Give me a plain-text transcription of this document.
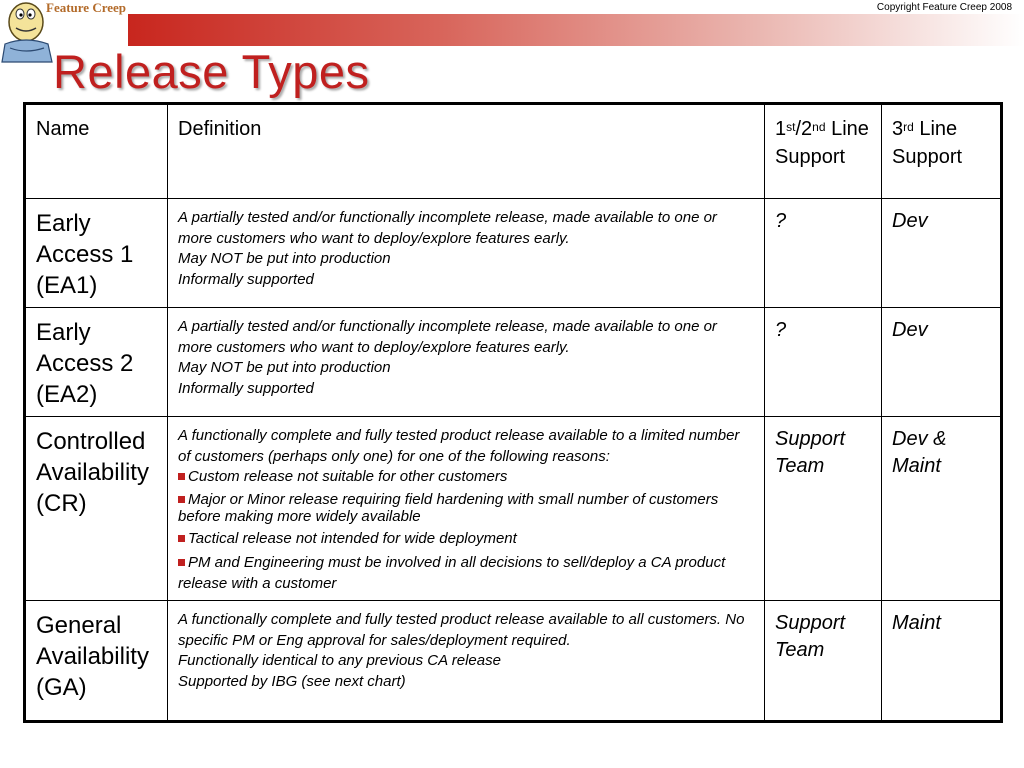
Feature Creep	Copyright Feature Creep 2008
Release Types
Name	Definition	1st/2nd Line Support	3rd Line Support
Early Access 1 (EA1)	A partially tested and/or functionally incomplete release, made available to one or more customers who want to deploy/explore features early.
May NOT be put into production
Informally supported	?	Dev
Early Access 2 (EA2)	A partially tested and/or functionally incomplete release, made available to one or more customers who want to deploy/explore features early.
May NOT be put into production
Informally supported	?	Dev
Controlled Availability (CR)	A functionally complete and fully tested product release available to a limited number of customers (perhaps only one) for one of the following reasons:
Custom release not suitable for other customers
Major or Minor release requiring field hardening with small number of customers before making more widely available
Tactical release not intended for wide deployment
PM and Engineering must be involved in all decisions to sell/deploy a CA product release with a customer	Support Team	Dev & Maint
General Availability (GA)	A functionally complete and fully tested product release available to all customers. No specific PM or Eng approval for sales/deployment required.
Functionally identical to any previous CA release
Supported by IBG (see next chart)	Support Team	Maint
